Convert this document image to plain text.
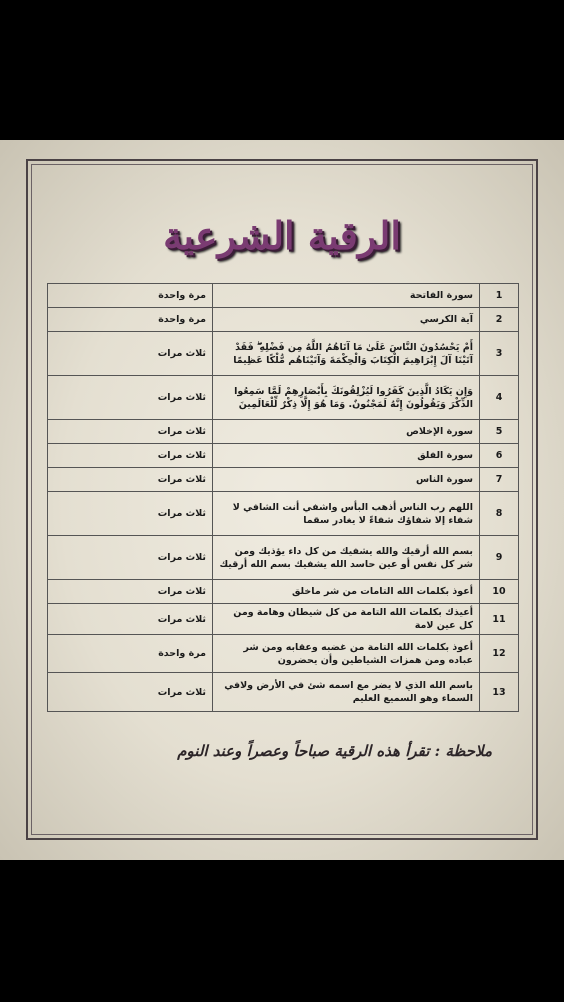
الرقية الشرعية
1	سورة الفاتحة	مرة واحدة
2	آية الكرسي	مرة واحدة
3	أَمْ يَحْسُدُونَ النَّاسَ عَلَىٰ مَا آتَاهُمُ اللَّهُ مِن فَضْلِهِ ۖ فَقَدْ آتَيْنَا آلَ إِبْرَاهِيمَ الْكِتَابَ وَالْحِكْمَةَ وَآتَيْنَاهُم مُّلْكًا عَظِيمًا	ثلاث مرات
4	وَإِن يَكَادُ الَّذِينَ كَفَرُوا لَيُزْلِقُونَكَ بِأَبْصَارِهِمْ لَمَّا سَمِعُوا الذِّكْرَ وَيَقُولُونَ إِنَّهُ لَمَجْنُونٌ. وَمَا هُوَ إِلَّا ذِكْرٌ لِّلْعَالَمِينَ	ثلاث مرات
5	سورة الإخلاص	ثلاث مرات
6	سورة الفلق	ثلاث مرات
7	سورة الناس	ثلاث مرات
8	اللهم رب الناس أذهب البأس واشفي أنت الشافي لا شفاء إلا شفاؤك شفاءً لا يغادر سقما	ثلاث مرات
9	بسم الله أرقيك والله يشفيك من كل داء يؤذيك ومن شر كل نفس أو عين حاسد الله يشفيك بسم الله أرقيك	ثلاث مرات
10	أعوذ بكلمات الله التامات من شر ماخلق	ثلاث مرات
11	أعيذك بكلمات الله التامة من كل شيطان وهامة ومن كل عين لامة	ثلاث مرات
12	أعوذ بكلمات الله التامة من غضبه وعقابه ومن شر عباده ومن همزات الشياطين وأن يحضرون	مرة واحدة
13	باسم الله الذي لا يضر مع اسمه شئ في الأرض ولافي السماء وهو السميع العليم	ثلاث مرات
ملاحظة : تقرأ هذه الرقية صباحاً وعصراً وعند النوم
